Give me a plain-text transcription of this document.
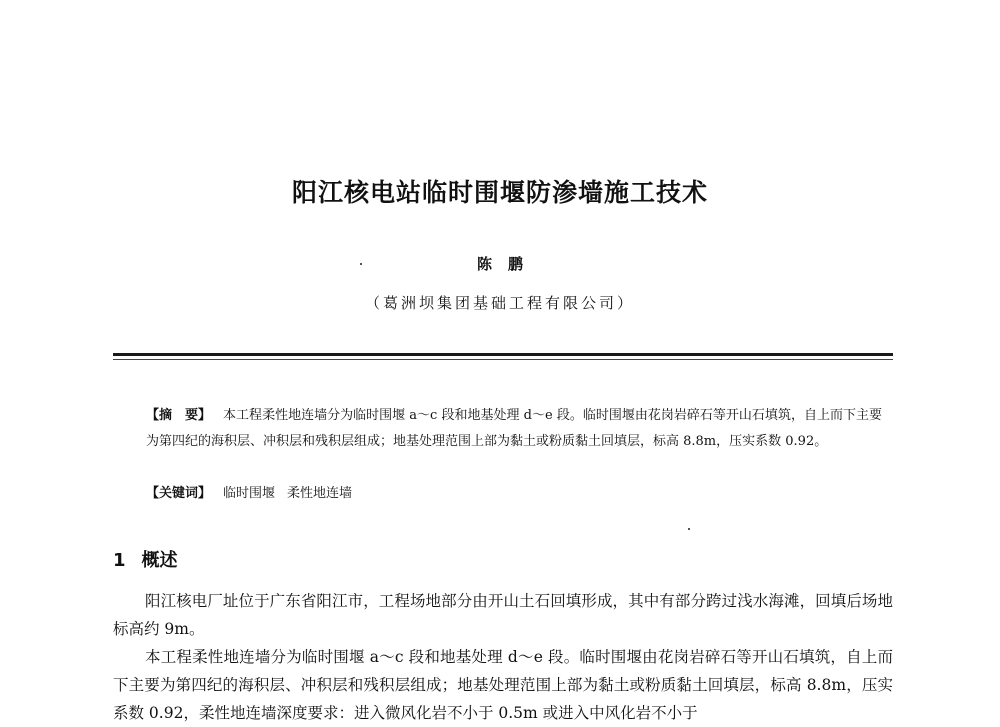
阳江核电站临时围堰防渗墙施工技术
陈鹏
（葛洲坝集团基础工程有限公司）
【摘　要】 本工程柔性地连墙分为临时围堰 a～c 段和地基处理 d～e 段。临时围堰由花岗岩碎石等开山石填筑，自上而下主要为第四纪的海积层、冲积层和残积层组成；地基处理范围上部为黏土或粉质黏土回填层，标高 8.8m，压实系数 0.92。
【关键词】 临时围堰 柔性地连墙
1 概述

阳江核电厂址位于广东省阳江市，工程场地部分由开山土石回填形成，其中有部分跨过浅水海滩，回填后场地标高约 9m。

本工程柔性地连墙分为临时围堰 a～c 段和地基处理 d～e 段。临时围堰由花岗岩碎石等开山石填筑，自上而下主要为第四纪的海积层、冲积层和残积层组成；地基处理范围上部为黏土或粉质黏土回填层，标高 8.8m，压实系数 0.92，柔性地连墙深度要求：进入微风化岩不小于 0.5m 或进入中风化岩不小于
